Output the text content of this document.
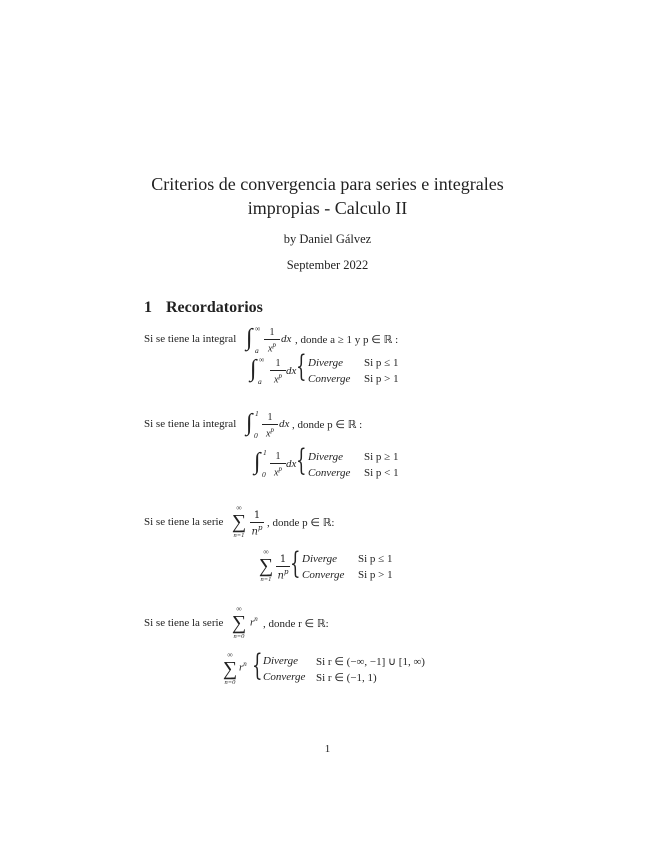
Criterios de convergencia para series e integrales
impropias - Calculo II
by Daniel Gálvez
September 2022
1 Recordatorios
Si se tiene la integral ∫ ∞
a
1
$x^p$ dx , donde a ≥ 1 y p ∈ ℝ :
∫ ∞
a
1
$x^p$ dx { Diverge Si p ≤ 1
Converge Si p > 1
Si se tiene la integral ∫ 1
0
1
$x^p$ dx , donde p ∈ ℝ :
∫ 1
0
1
$x^p$ dx { Diverge Si p ≥ 1
Converge Si p < 1
Si se tiene la serie
∞
∑
n=1
1
$n^p$ , donde p ∈ ℝ:
∞
∑
n=1
1
$n^p$ { Diverge Si p ≤ 1
Converge Si p > 1
Si se tiene la serie
∞
∑
n=0
$r^n$ , donde r ∈ ℝ:
∞
∑
n=0
$r^n$ { Diverge Si r ∈ (−∞, −1] ∪ [1, ∞)
Converge Si r ∈ (−1, 1)
1
